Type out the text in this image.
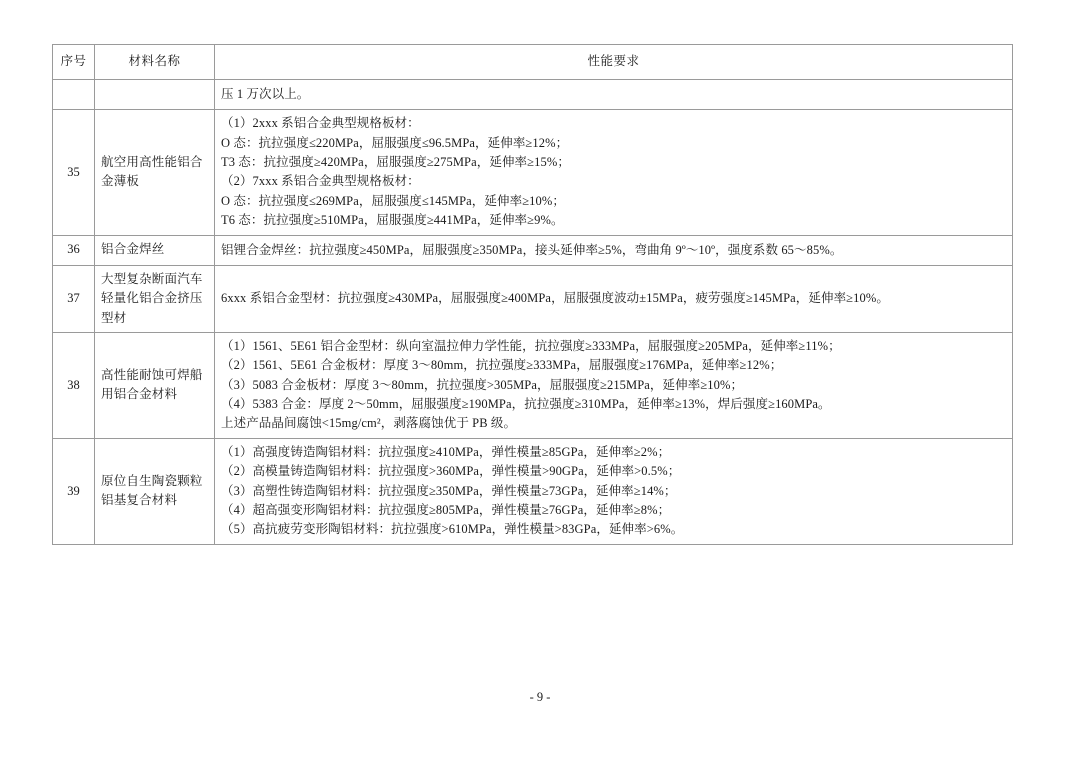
序号	材料名称	性能要求

		压 1 万次以上。

35	航空用高性能铝合金薄板	
（1）2xxx 系铝合金典型规格板材：
O 态：抗拉强度≤220MPa，屈服强度≤96.5MPa，延伸率≥12%；
T3 态：抗拉强度≥420MPa，屈服强度≥275MPa，延伸率≥15%；
（2）7xxx 系铝合金典型规格板材：
O 态：抗拉强度≤269MPa，屈服强度≤145MPa，延伸率≥10%；
T6 态：抗拉强度≥510MPa，屈服强度≥441MPa，延伸率≥9%。

36	铝合金焊丝	铝锂合金焊丝：抗拉强度≥450MPa，屈服强度≥350MPa，接头延伸率≥5%，弯曲角 9º～10º，强度系数 65～85%。

37	大型复杂断面汽车轻量化铝合金挤压型材	6xxx 系铝合金型材：抗拉强度≥430MPa，屈服强度≥400MPa，屈服强度波动±15MPa，疲劳强度≥145MPa，延伸率≥10%。

38	高性能耐蚀可焊船用铝合金材料	（1）1561、5E61 铝合金型材：纵向室温拉伸力学性能，抗拉强度≥333MPa，屈服强度≥205MPa，延伸率≥11%；
（2）1561、5E61 合金板材：厚度 3～80mm，抗拉强度≥333MPa，屈服强度≥176MPa，延伸率≥12%；
（3）5083 合金板材：厚度 3～80mm，抗拉强度>305MPa，屈服强度≥215MPa，延伸率≥10%；
（4）5383 合金：厚度 2～50mm，屈服强度≥190MPa，抗拉强度≥310MPa，延伸率≥13%，焊后强度≥160MPa。
上述产品晶间腐蚀<15mg/cm²，剥落腐蚀优于 PB 级。

39	原位自生陶瓷颗粒铝基复合材料	（1）高强度铸造陶铝材料：抗拉强度≥410MPa，弹性模量≥85GPa，延伸率≥2%；
（2）高模量铸造陶铝材料：抗拉强度>360MPa，弹性模量>90GPa，延伸率>0.5%；
（3）高塑性铸造陶铝材料：抗拉强度≥350MPa，弹性模量≥73GPa，延伸率≥14%；
（4）超高强变形陶铝材料：抗拉强度≥805MPa，弹性模量≥76GPa，延伸率≥8%；
（5）高抗疲劳变形陶铝材料：抗拉强度>610MPa，弹性模量>83GPa，延伸率>6%。
- 9 -
